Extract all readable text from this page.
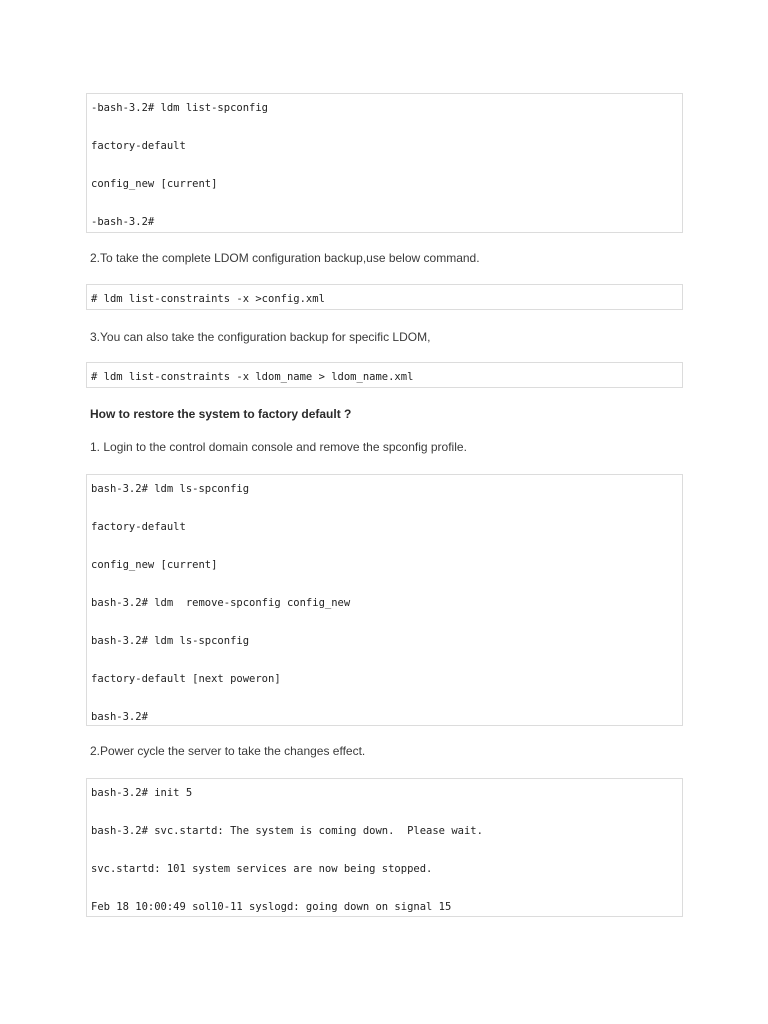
-bash-3.2# ldm list-spconfig
factory-default
config_new [current]
-bash-3.2#

2.To take the complete LDOM configuration backup,use below command.

# ldm list-constraints -x >config.xml

3.You can also take the configuration backup for specific LDOM,

# ldm list-constraints -x ldom_name > ldom_name.xml
How to restore the system to factory default ?

1. Login to the control domain console and remove the spconfig profile.

bash-3.2# ldm ls-spconfig
factory-default
config_new [current]
bash-3.2# ldm  remove-spconfig config_new
bash-3.2# ldm ls-spconfig
factory-default [next poweron]
bash-3.2#

2.Power cycle the server to take the changes effect.

bash-3.2# init 5
bash-3.2# svc.startd: The system is coming down.  Please wait.
svc.startd: 101 system services are now being stopped.
Feb 18 10:00:49 sol10-11 syslogd: going down on signal 15
